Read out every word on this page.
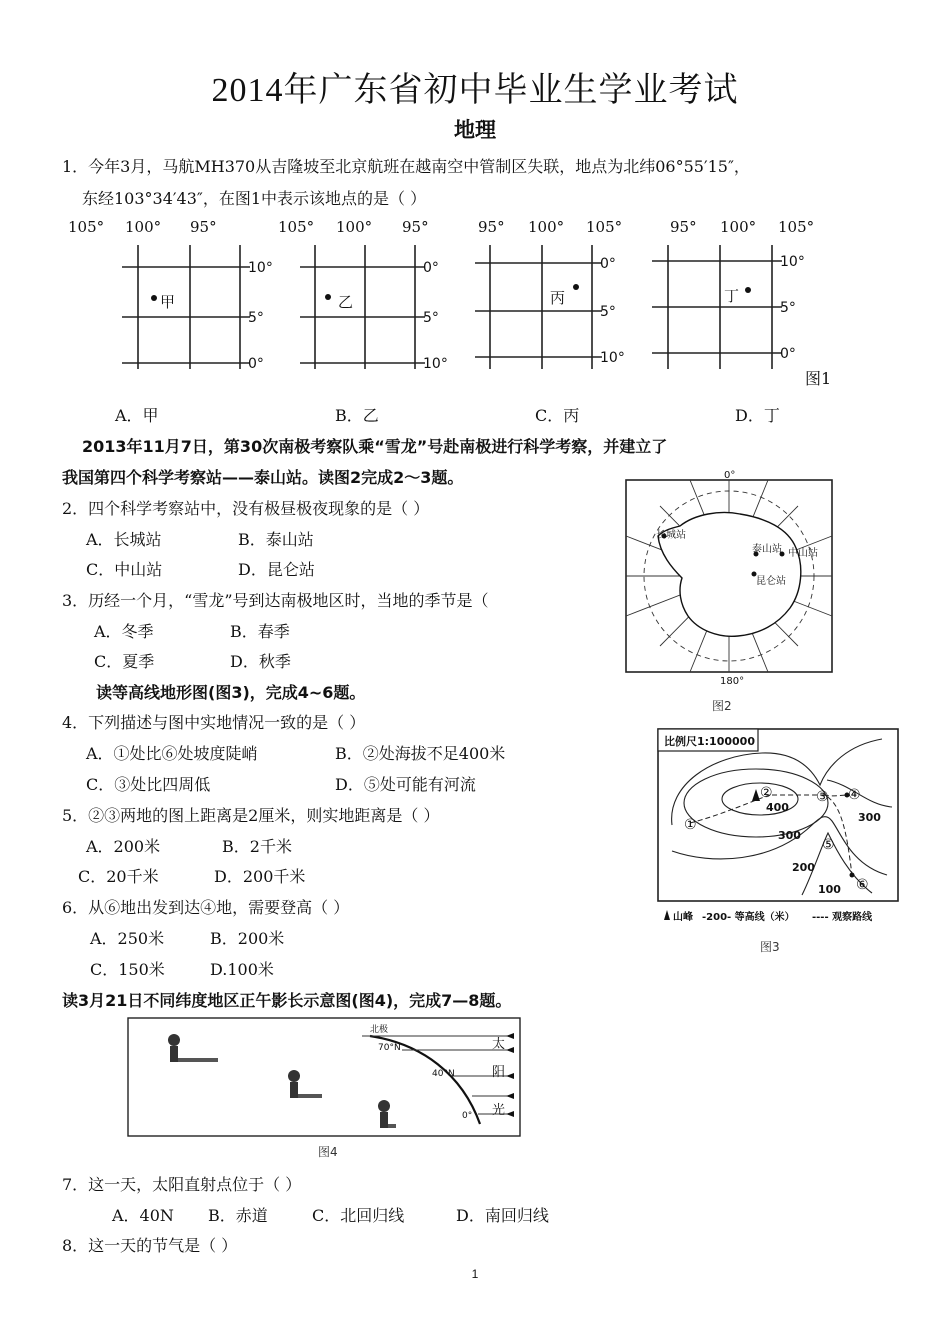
2014年广东省初中毕业生学业考试
地理
1．今年3月，马航MH370从吉隆坡至北京航班在越南空中管制区失联，地点为北纬06°55′15″，
东经103°34′43″，在图1中表示该地点的是（ ）
105° 100° 95°	105° 100° 95°	95° 100° 105°	95° 100° 105°
10°
5°
0°
甲
0°
5°
10°
乙
0°
5°
10°
丙
10°
5°
0°
丁
图1
A．甲	B．乙	C．丙	D．丁
2013年11月7日，第30次南极考察队乘“雪龙”号赴南极进行科学考察，并建立了
我国第四个科学考察站——泰山站。读图2完成2～3题。
2．四个科学考察站中，没有极昼极夜现象的是（ ）
A．长城站	B．泰山站
C．中山站	D．昆仑站
3．历经一个月，“雪龙”号到达南极地区时，当地的季节是（
A．冬季	B．春季
C．夏季	D．秋季
0°
180°
长城站
泰山站 中山站
昆仑站
图2
读等高线地形图(图3)，完成4~6题。
4．下列描述与图中实地情况一致的是（ ）
A．①处比⑥处坡度陡峭	B．②处海拔不足400米
C．③处比四周低	D．⑤处可能有河流
5．②③两地的图上距离是2厘米，则实地距离是（ ）
A．200米	B．2千米
C．20千米	D．200千米
6．从⑥地出发到达④地，需要登高（ ）
A．250米	B．200米
C．150米	D.100米
比例尺1:100000
400
300
300
200
100
①
②	③ ④
⑤
⑥
山峰 -200- 等高线（米） ---- 观察路线
图3
读3月21日不同纬度地区正午影长示意图(图4)，完成7—8题。
北极
70°N
40°N
0°
太
阳
光
图4
7．这一天，太阳直射点位于（ ）
A．40N B．赤道	C．北回归线	D．南回归线
8．这一天的节气是（ ）
1
